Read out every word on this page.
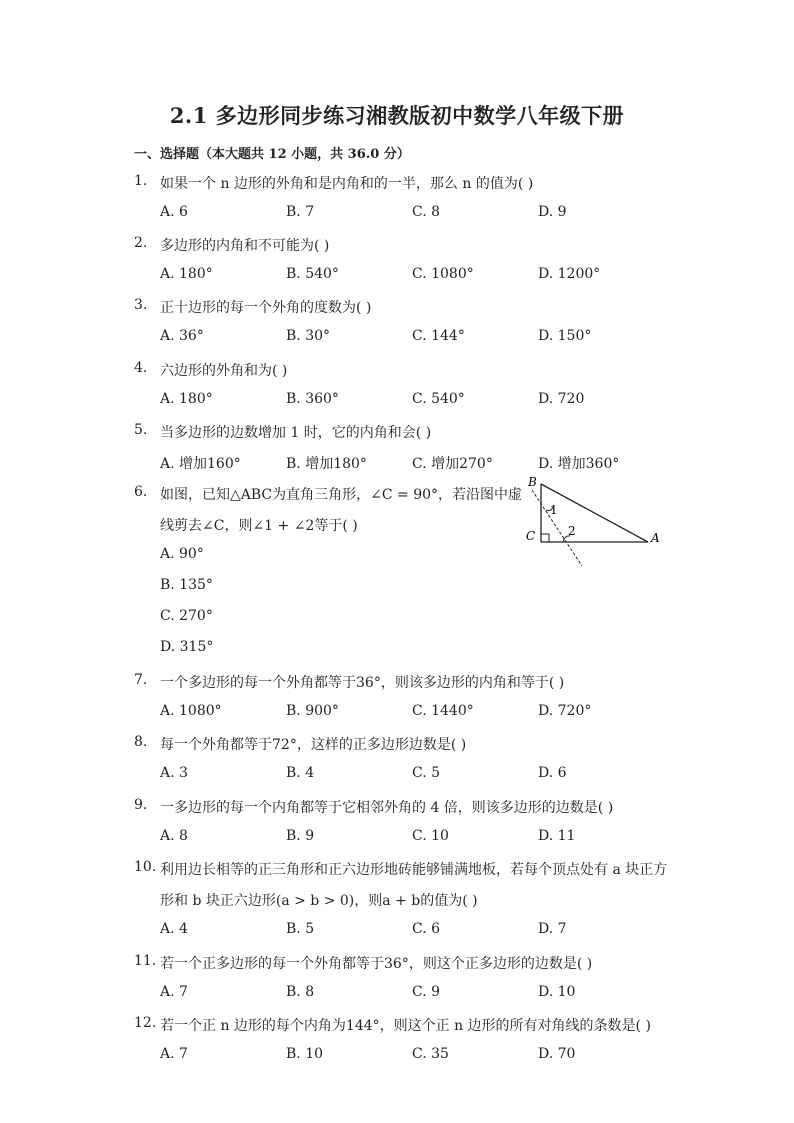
2.1 多边形同步练习湘教版初中数学八年级下册
一、选择题（本大题共 12 小题，共 36.0 分）
1. 如果一个 n 边形的外角和是内角和的一半，那么 n 的值为( )
A. 6	B. 7	C. 8	D. 9
2. 多边形的内角和不可能为( )
A. 180°	B. 540°	C. 1080°	D. 1200°
3. 正十边形的每一个外角的度数为( )
A. 36°	B. 30°	C. 144°	D. 150°
4. 六边形的外角和为( )
A. 180°	B. 360°	C. 540°	D. 720
5. 当多边形的边数增加 1 时，它的内角和会( )
A. 增加160°	B. 增加180°	C. 增加270°	D. 增加360°
6. 如图，已知△ABC为直角三角形，∠C = 90°，若沿图中虚
线剪去∠C，则∠1 + ∠2等于( )
A. 90°
B. 135°
C. 270°
D. 315°
B
C	A
1
2
7. 一个多边形的每一个外角都等于36°，则该多边形的内角和等于( )
A. 1080°	B. 900°	C. 1440°	D. 720°
8. 每一个外角都等于72°，这样的正多边形边数是( )
A. 3	B. 4	C. 5	D. 6
9. 一多边形的每一个内角都等于它相邻外角的 4 倍，则该多边形的边数是( )
A. 8	B. 9	C. 10	D. 11
10. 利用边长相等的正三角形和正六边形地砖能够铺满地板，若每个顶点处有 a 块正方
形和 b 块正六边形(a > b > 0)，则a + b的值为( )
A. 4	B. 5	C. 6	D. 7
11. 若一个正多边形的每一个外角都等于36°，则这个正多边形的边数是( )
A. 7	B. 8	C. 9	D. 10
12. 若一个正 n 边形的每个内角为144°，则这个正 n 边形的所有对角线的条数是( )
A. 7	B. 10	C. 35	D. 70
